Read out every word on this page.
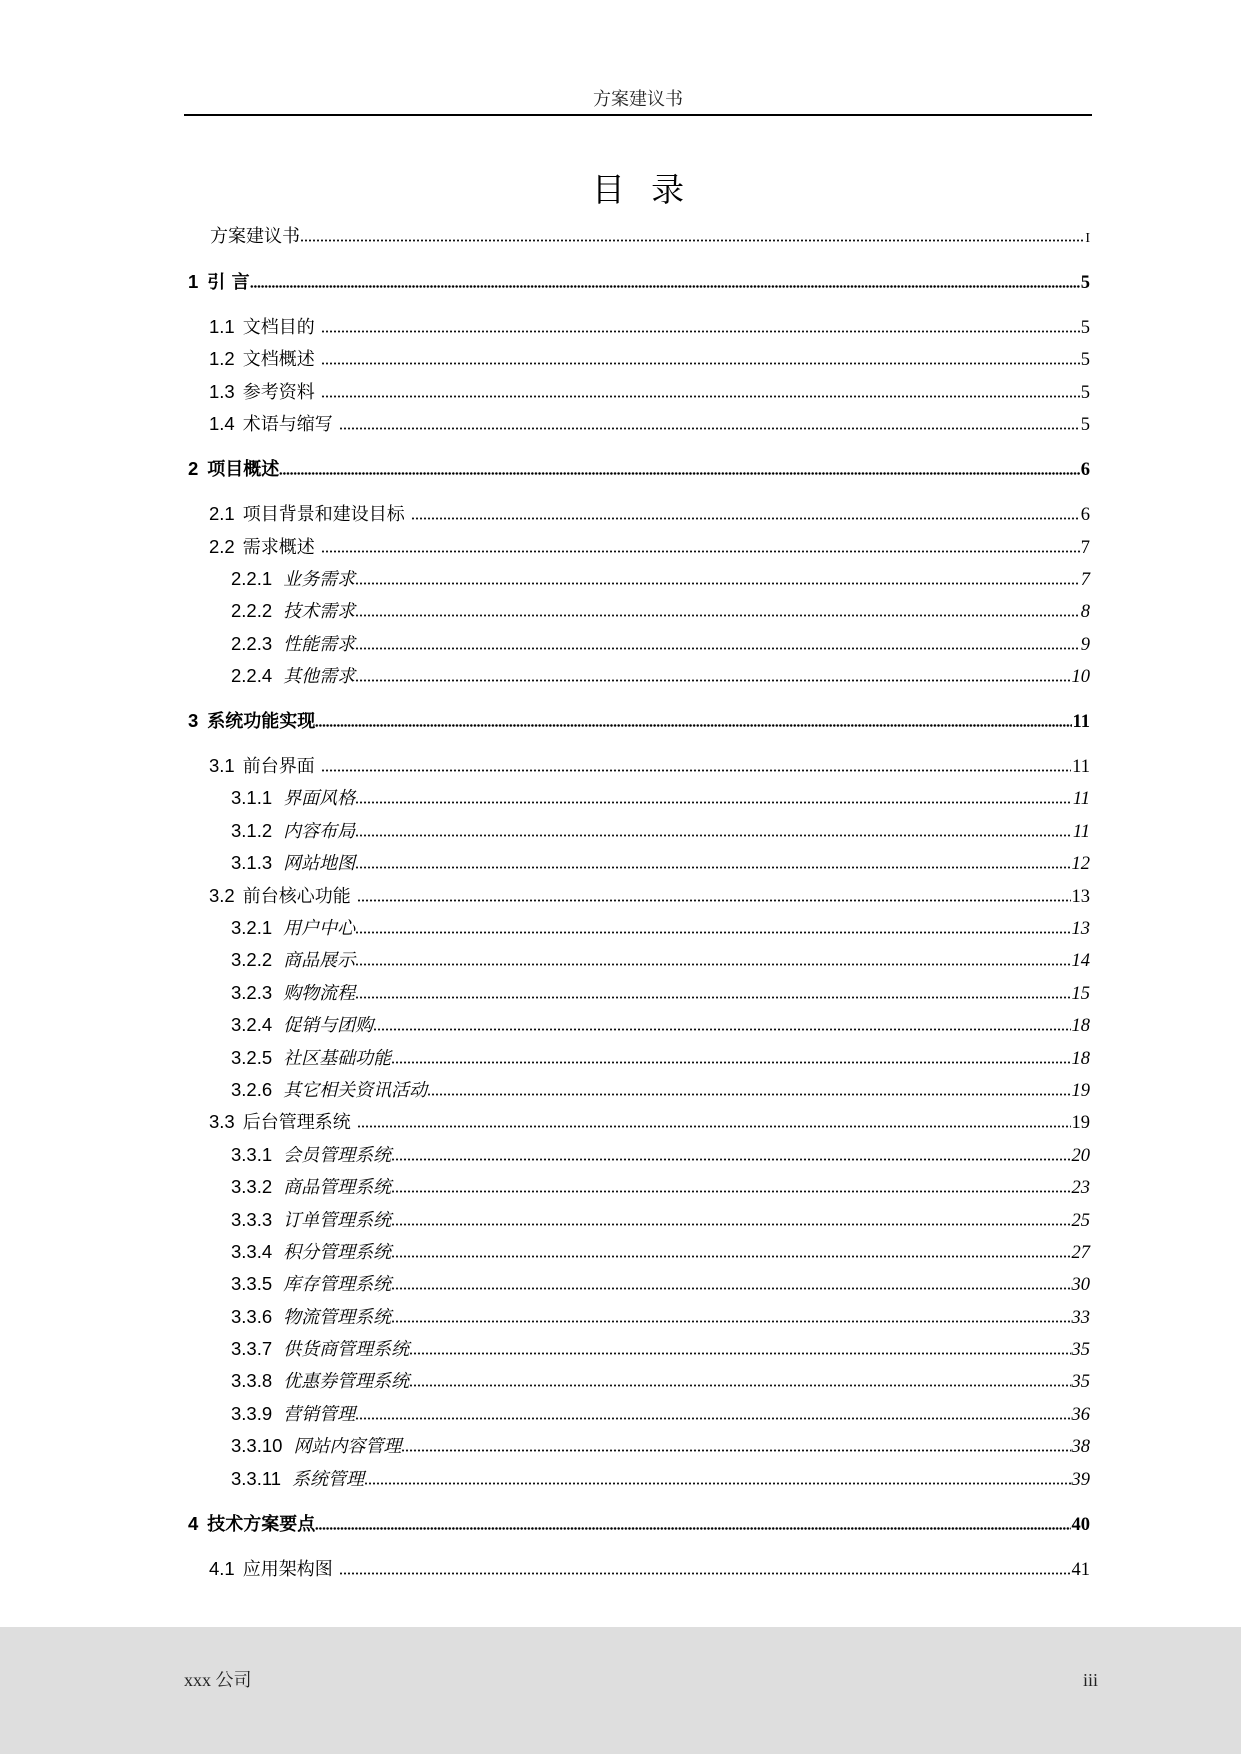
方案建议书
目 录
方案建议书	I
1 引 言	5
1.1 文档目的	5
1.2 文档概述	5
1.3 参考资料	5
1.4 术语与缩写	5
2 项目概述	6
2.1 项目背景和建设目标	6
2.2 需求概述	7
2.2.1 业务需求	7
2.2.2 技术需求	8
2.2.3 性能需求	9
2.2.4 其他需求	10
3 系统功能实现	11
3.1 前台界面	11
3.1.1 界面风格	11
3.1.2 内容布局	11
3.1.3 网站地图	12
3.2 前台核心功能	13
3.2.1 用户中心	13
3.2.2 商品展示	14
3.2.3 购物流程	15
3.2.4 促销与团购	18
3.2.5 社区基础功能	18
3.2.6 其它相关资讯活动	19
3.3 后台管理系统	19
3.3.1 会员管理系统	20
3.3.2 商品管理系统	23
3.3.3 订单管理系统	25
3.3.4 积分管理系统	27
3.3.5 库存管理系统	30
3.3.6 物流管理系统	33
3.3.7 供货商管理系统	35
3.3.8 优惠券管理系统	35
3.3.9 营销管理	36
3.3.10 网站内容管理	38
3.3.11 系统管理	39
4 技术方案要点	40
4.1 应用架构图	41
xxx 公司	iii
